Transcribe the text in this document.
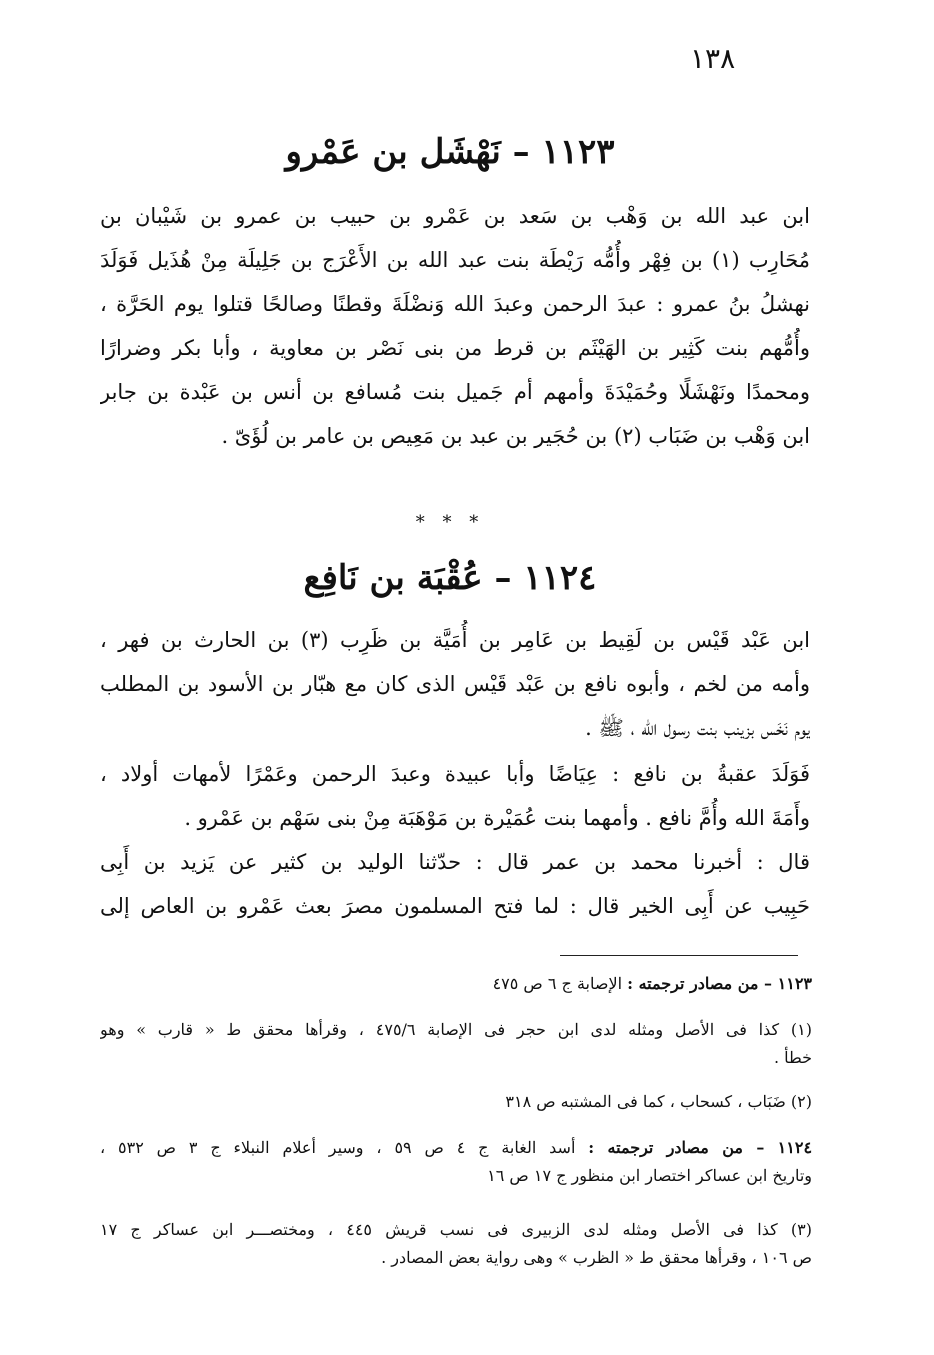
١٣٨
١١٢٣ – نَهْشَل بن عَمْرو
ابن عبد الله بن وَهْب بن سَعد بن عَمْرو بن حبيب بن عمرو بن شَيْبان بن
مُحَارِب (١) بن فِهْر وأُمُّه رَيْطَة بنت عبد الله بن الأَعْرَج بن جَلِيلَة مِنْ هُذَيل فَوَلَدَ
نهشلُ بنُ عمرو : عبدَ الرحمن وعبدَ الله وَنضْلَةَ وقطنًا وصالحًا قتلوا يوم الحَرَّة ،
وأُمُّهم بنت كَثِير بن الهَيْثَم بن قرط من بنى نَصْر بن معاوية ، وأبا بكر وضرارًا
ومحمدًا ونَهْشَلًا وحُمَيْدَةَ وأمهم أم جَميل بنت مُسافع بن أنس بن عَبْدة بن جابر
ابن وَهْب بن ضَبَاب (٢) بن حُجَير بن عبد بن مَعِيص بن عامر بن لُؤَىّ .
* * *
١١٢٤ – عُقْبَة بن نَافِع
ابن عَبْد قَيْس بن لَقِيط بن عَامِر بن أُمَيَّة بن ظَرِب (٣) بن الحارث بن فهر ،
وأمه من لخم ، وأبوه نافع بن عَبْد قَيْس الذى كان مع هبّار بن الأسود بن المطلب
يوم نَخَس بزينب بنت رسول الله ، ﷺ .
فَوَلَدَ عقبةُ بن نافع : عِيَاضًا وأبا عبيدة وعبدَ الرحمن وعَمْرًا لأمهات أولاد ،
وأَمَةَ الله وأُمَّ نافع . وأمهما بنت عُمَيْرة بن مَوْهَبَة مِنْ بنى سَهْم بن عَمْرو .
قال : أخبرنا محمد بن عمر قال : حدّثنا الوليد بن كثير عن يَزيد بن أَبِى
حَبِيب عن أَبِى الخير قال : لما فتح المسلمون مصرَ بعث عَمْرو بن العاص إلى
١١٢٣ – من مصادر ترجمته : الإصابة ج ٦ ص ٤٧٥
(١) كذا فى الأصل ومثله لدى ابن حجر فى الإصابة ٤٧٥/٦ ، وقرأها محقق ط « قارب » وهو
خطأ .
(٢) ضَبَاب ، كسحاب ، كما فى المشتبه ص ٣١٨
١١٢٤ – من مصادر ترجمته : أسد الغابة ج ٤ ص ٥٩ ، وسير أعلام النبلاء ج ٣ ص ٥٣٢ ،
وتاريخ ابن عساكر اختصار ابن منظور ج ١٧ ص ١٦
(٣) كذا فى الأصل ومثله لدى الزبيرى فى نسب قريش ٤٤٥ ، ومختصـــر ابن عساكر ج ١٧
ص ١٠٦ ، وقرأها محقق ط « الظرب » وهى رواية بعض المصادر .
